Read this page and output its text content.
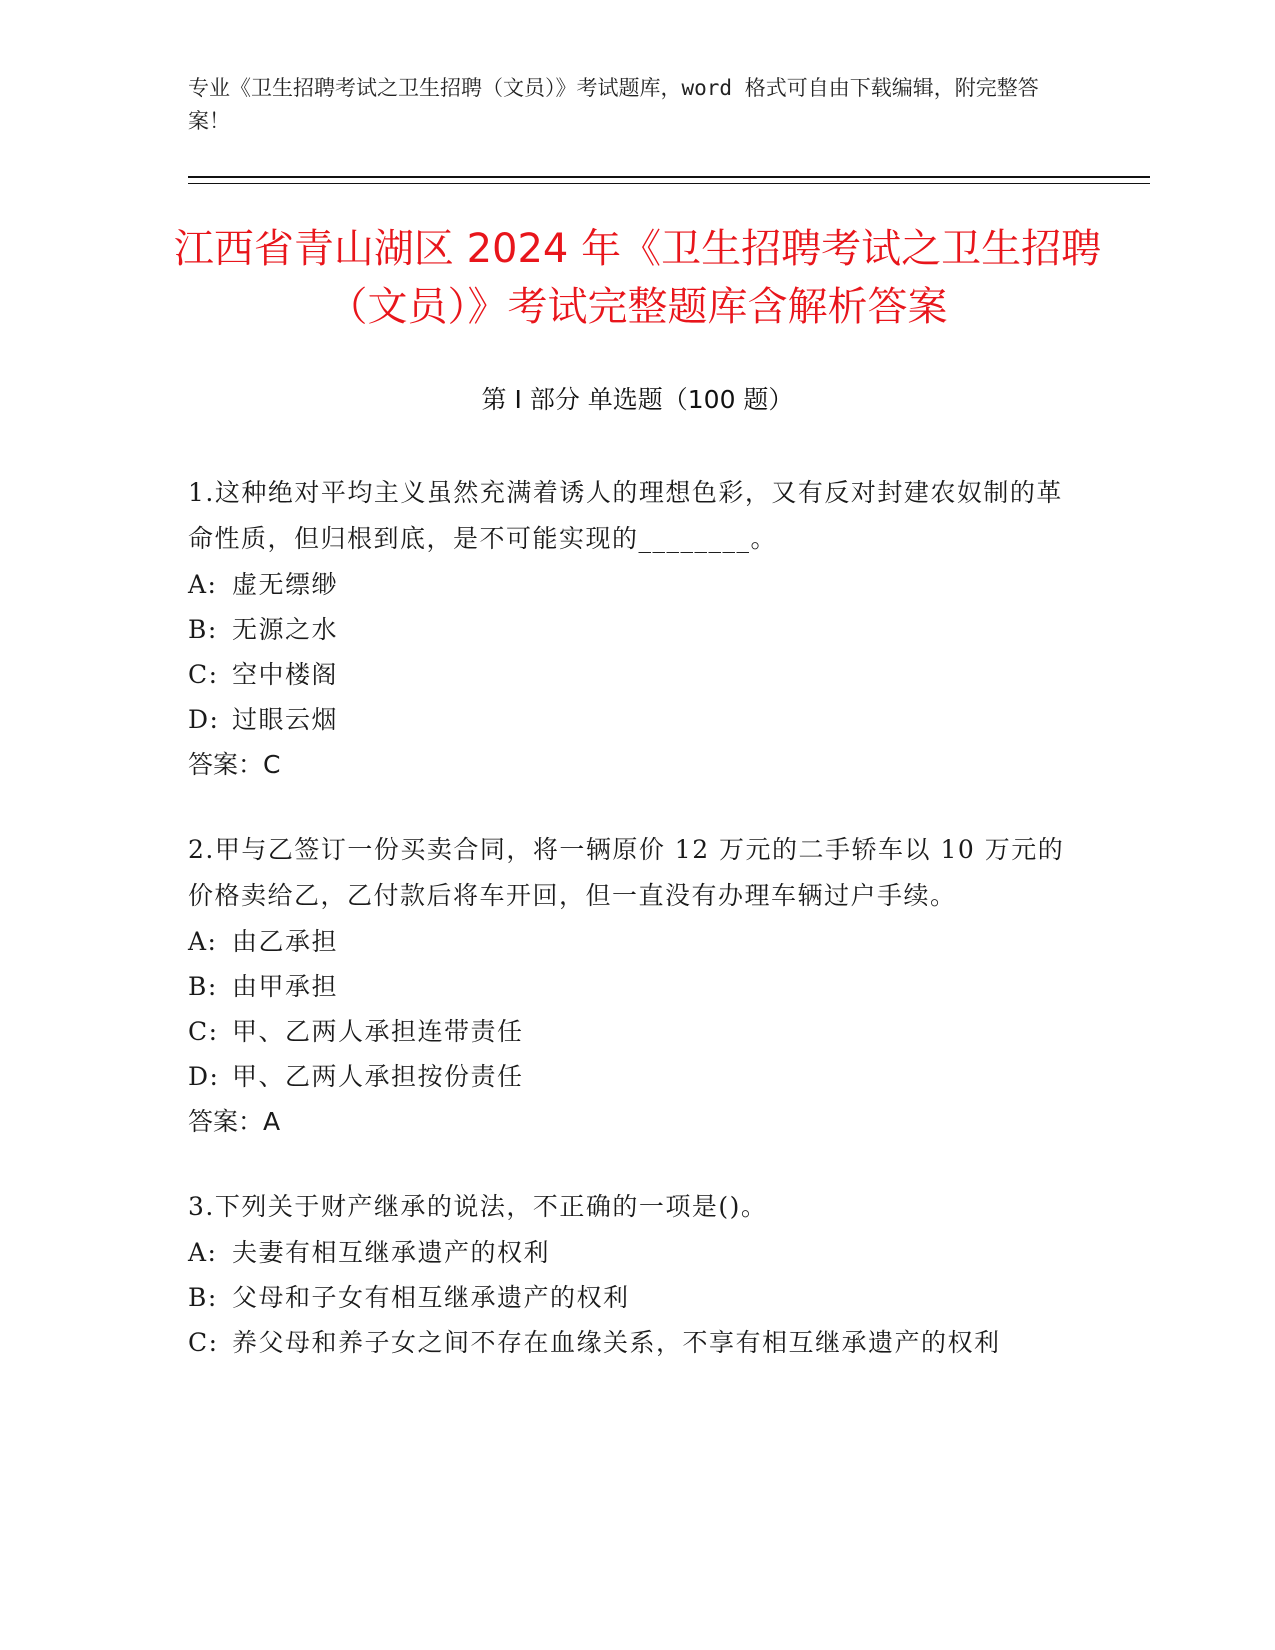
专业《卫生招聘考试之卫生招聘（文员）》考试题库，word 格式可自由下载编辑，附完整答案！
江西省青山湖区 2024 年《卫生招聘考试之卫生招聘（文员）》考试完整题库含解析答案
第 I 部分 单选题（100 题）
1.这种绝对平均主义虽然充满着诱人的理想色彩，又有反对封建农奴制的革命性质，但归根到底，是不可能实现的________。
A: 虚无缥缈
B: 无源之水
C: 空中楼阁
D: 过眼云烟
答案：C
2.甲与乙签订一份买卖合同，将一辆原价 12 万元的二手轿车以 10 万元的价格卖给乙，乙付款后将车开回，但一直没有办理车辆过户手续。
A: 由乙承担
B: 由甲承担
C: 甲、乙两人承担连带责任
D: 甲、乙两人承担按份责任
答案：A
3.下列关于财产继承的说法，不正确的一项是()。
A: 夫妻有相互继承遗产的权利
B: 父母和子女有相互继承遗产的权利
C: 养父母和养子女之间不存在血缘关系，不享有相互继承遗产的权利
